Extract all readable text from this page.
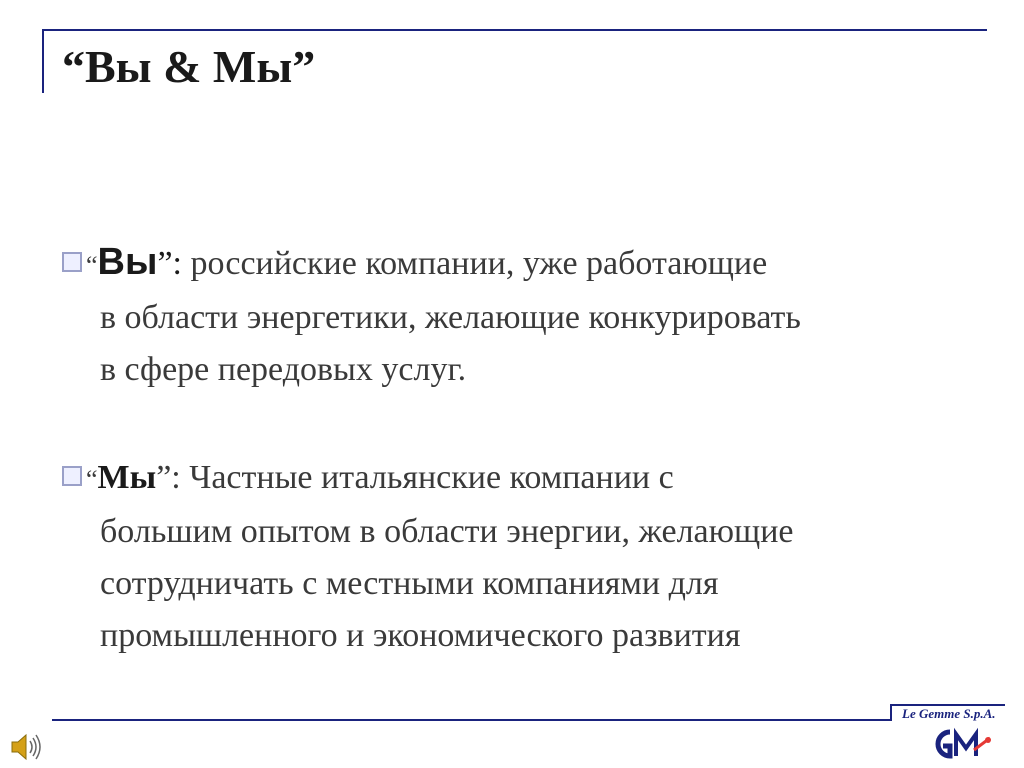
“Вы & Мы”
“Вы”: российские компании, уже работающие
в области энергетики, желающие конкурировать
в сфере передовых услуг.
“Мы”: Частные итальянские компании с
большим опытом в области энергии, желающие
сотрудничать с местными компаниями для
промышленного и экономического развития
Le Gemme S.p.A.
